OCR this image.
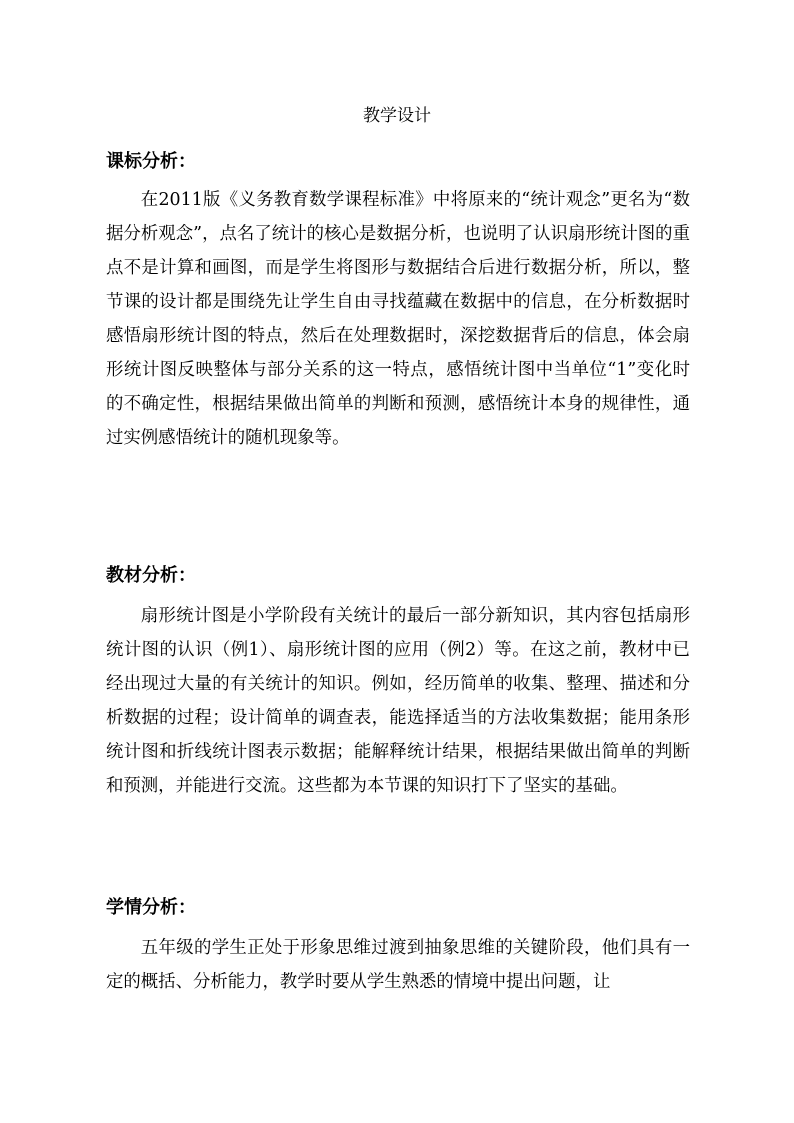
教学设计
课标分析：

在2011版《义务教育数学课程标准》中将原来的“统计观念”更名为“数据分析观念”，点名了统计的核心是数据分析，也说明了认识扇形统计图的重点不是计算和画图，而是学生将图形与数据结合后进行数据分析，所以，整节课的设计都是围绕先让学生自由寻找蕴藏在数据中的信息，在分析数据时感悟扇形统计图的特点，然后在处理数据时，深挖数据背后的信息，体会扇形统计图反映整体与部分关系的这一特点，感悟统计图中当单位“1”变化时的不确定性，根据结果做出简单的判断和预测，感悟统计本身的规律性，通过实例感悟统计的随机现象等。

教材分析：

扇形统计图是小学阶段有关统计的最后一部分新知识，其内容包括扇形统计图的认识（例1）、扇形统计图的应用（例2）等。在这之前，教材中已经出现过大量的有关统计的知识。例如，经历简单的收集、整理、描述和分析数据的过程；设计简单的调查表，能选择适当的方法收集数据；能用条形统计图和折线统计图表示数据；能解释统计结果，根据结果做出简单的判断和预测，并能进行交流。这些都为本节课的知识打下了坚实的基础。

学情分析：

五年级的学生正处于形象思维过渡到抽象思维的关键阶段，他们具有一定的概括、分析能力，教学时要从学生熟悉的情境中提出问题，让
